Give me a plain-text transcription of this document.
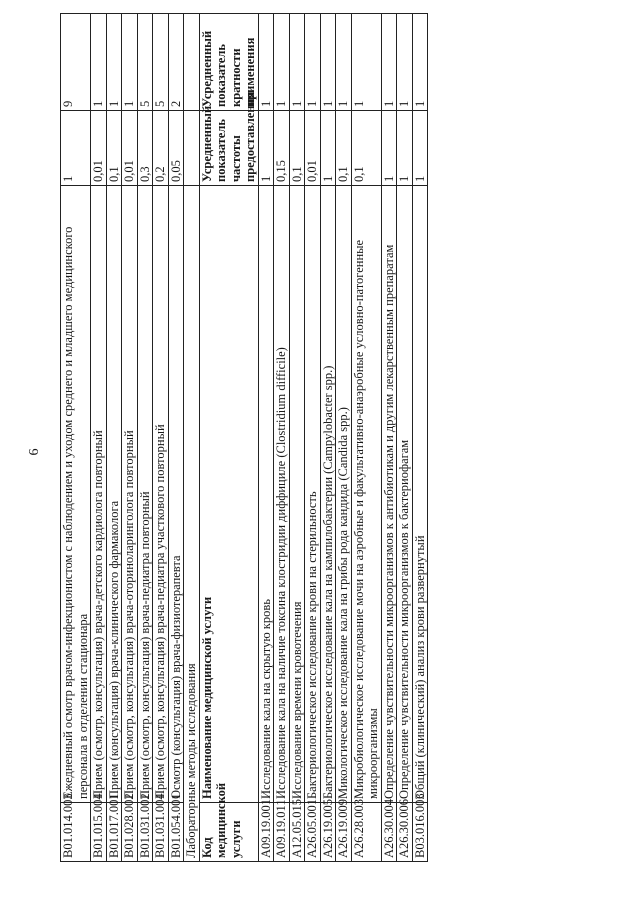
6
B01.014.003	Ежедневный осмотр врачом-инфекционистом с наблюдением и уходом среднего и младшего медицинского персонала в отделении стационара	1	9
B01.015.004	Прием (осмотр, консультация) врача-детского кардиолога повторный	0,01	1
B01.017.001	Прием (консультация) врача-клинического фармаколога	0,1	1
B01.028.002	Прием (осмотр, консультация) врача-оториноларинголога повторный	0,01	1
B01.031.002	Прием (осмотр, консультация) врача-педиатра повторный	0,3	5
B01.031.004	Прием (осмотр, консультация) врача-педиатра участкового повторный	0,2	5
B01.054.001	Осмотр (консультация) врача-физиотерапевта	0,05	2
Лабораторные методы исследования			
Код медицинской услуги	Наименование медицинской услуги	Усредненный показатель частоты предоставления	Усредненный показатель кратности применения
A09.19.001	Исследование кала на скрытую кровь	1	1
A09.19.011	Исследование кала на наличие токсина клостридии диффициле (Clostridium difficile)	0,15	1
A12.05.015	Исследование времени кровотечения	0,1	1
A26.05.001	Бактериологическое исследование крови на стерильность	0,01	1
A26.19.005	Бактериологическое исследование кала на кампилобактерии (Campylobacter spp.)	1	1
A26.19.009	Микологическое исследование кала на грибы рода кандида (Candida spp.)	0,1	1
A26.28.003	Микробиологическое исследование мочи на аэробные и факультативно-анаэробные условно-патогенные микроорганизмы	0,1	1
A26.30.004	Определение чувствительности микроорганизмов к антибиотикам и другим лекарственным препаратам	1	1
A26.30.006	Определение чувствительности микроорганизмов к бактериофагам	1	1
B03.016.003	Общий (клинический) анализ крови развернутый	1	1
